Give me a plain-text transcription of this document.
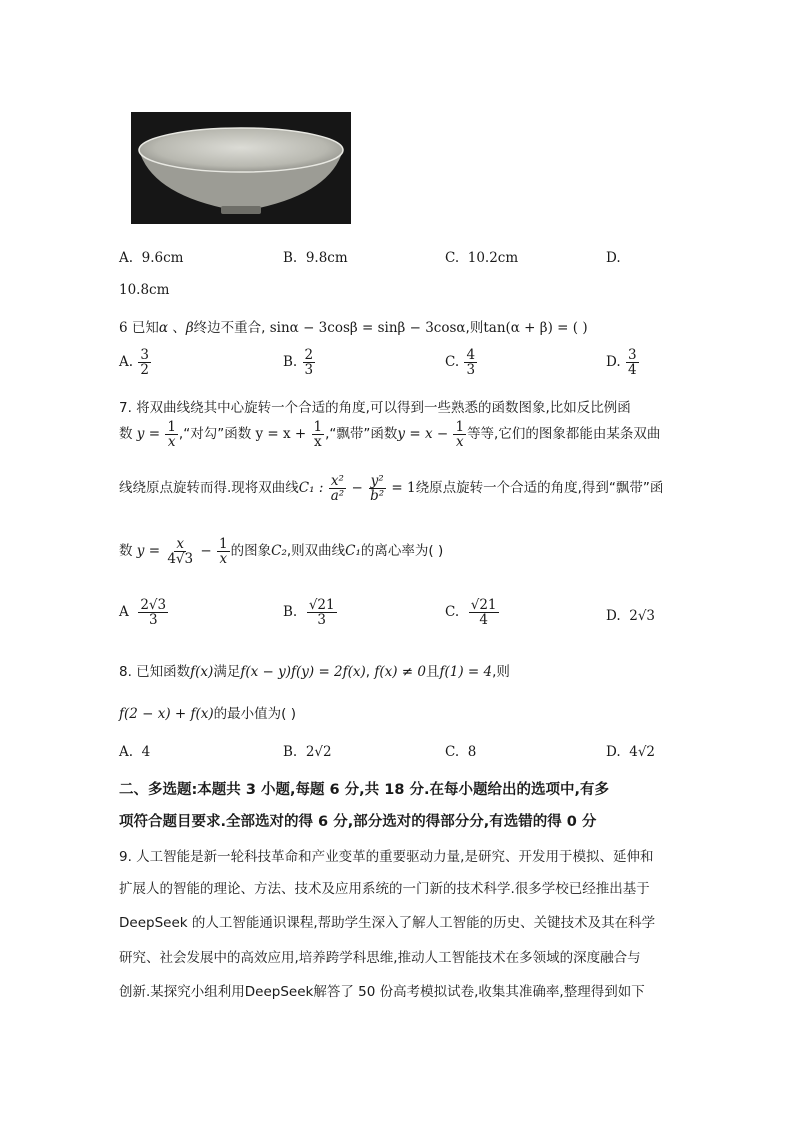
A. 9.6cm	B. 9.8cm	C. 10.2cm	D.
10.8cm
6 已知α 、β终边不重合, sinα − 3cosβ = sinβ − 3cosα,则tan(α + β) = ( )
A. $\frac{3}{2}$	B. $\frac{2}{3}$	C. $\frac{4}{3}$	D. $\frac{3}{4}$
7. 将双曲线绕其中心旋转一个合适的角度,可以得到一些熟悉的函数图象,比如反比例函
数 $y = \frac{1}{x}$ ,“对勾”函数 $y = x + \frac{1}{x}$ ,“飘带”函数$y = x - \frac{1}{x}$ 等等,它们的图象都能由某条双曲
线绕原点旋转而得.现将双曲线C₁ : $\frac{\text{x²}}{\text{a²}} - \frac{\text{y²}}{\text{b²}} = 1$绕原点旋转一个合适的角度,得到“飘带”函
数 $y = \frac{x}{4√3} - \frac{1}{x}$ 的图象C₂,则双曲线C₁的离心率为( )
A $\frac{2√3}{3}$	B. $\frac{√21}{3}$	C. $\frac{√21}{4}$	D. 2√3
8. 已知函数f(x)满足f(x − y)f(y) = 2f(x), f(x) ≠ 0且f(1) = 4,则
f(2 − x) + f(x)的最小值为( )
A. 4	B. 2√2	C. 8	D. 4√2
二、多选题:本题共 3 小题,每题 6 分,共 18 分.在每小题给出的选项中,有多
项符合题目要求.全部选对的得 6 分,部分选对的得部分分,有选错的得 0 分
9. 人工智能是新一轮科技革命和产业变革的重要驱动力量,是研究、开发用于模拟、延伸和
扩展人的智能的理论、方法、技术及应用系统的一门新的技术科学.很多学校已经推出基于
DeepSeek 的人工智能通识课程,帮助学生深入了解人工智能的历史、关键技术及其在科学
研究、社会发展中的高效应用,培养跨学科思维,推动人工智能技术在多领域的深度融合与
创新.某探究小组利用DeepSeek解答了 50 份高考模拟试卷,收集其准确率,整理得到如下
